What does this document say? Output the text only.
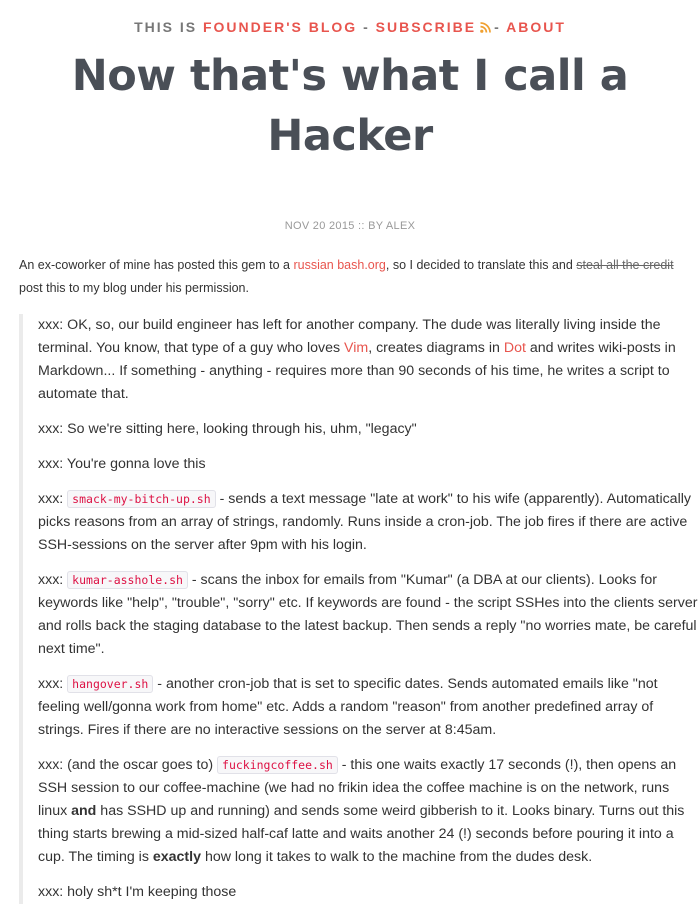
THIS IS FOUNDER'S BLOG - SUBSCRIBE - ABOUT
Now that's what I call a Hacker
NOV 20 2015 :: BY ALEX
An ex-coworker of mine has posted this gem to a russian bash.org, so I decided to translate this and steal all the credit post this to my blog under his permission.

xxx: OK, so, our build engineer has left for another company. The dude was literally living inside the terminal. You know, that type of a guy who loves Vim, creates diagrams in Dot and writes wiki-posts in Markdown... If something - anything - requires more than 90 seconds of his time, he writes a script to automate that.

xxx: So we're sitting here, looking through his, uhm, "legacy"

xxx: You're gonna love this

xxx: smack-my-bitch-up.sh - sends a text message "late at work" to his wife (apparently). Automatically picks reasons from an array of strings, randomly. Runs inside a cron-job. The job fires if there are active SSH-sessions on the server after 9pm with his login.

xxx: kumar-asshole.sh - scans the inbox for emails from "Kumar" (a DBA at our clients). Looks for keywords like "help", "trouble", "sorry" etc. If keywords are found - the script SSHes into the clients server and rolls back the staging database to the latest backup. Then sends a reply "no worries mate, be careful next time".

xxx: hangover.sh - another cron-job that is set to specific dates. Sends automated emails like "not feeling well/gonna work from home" etc. Adds a random "reason" from another predefined array of strings. Fires if there are no interactive sessions on the server at 8:45am.

xxx: (and the oscar goes to) fuckingcoffee.sh - this one waits exactly 17 seconds (!), then opens an SSH session to our coffee-machine (we had no frikin idea the coffee machine is on the network, runs linux and has SSHD up and running) and sends some weird gibberish to it. Looks binary. Turns out this thing starts brewing a mid-sized half-caf latte and waits another 24 (!) seconds before pouring it into a cup. The timing is exactly how long it takes to walk to the machine from the dudes desk.

xxx: holy sh*t I'm keeping those
